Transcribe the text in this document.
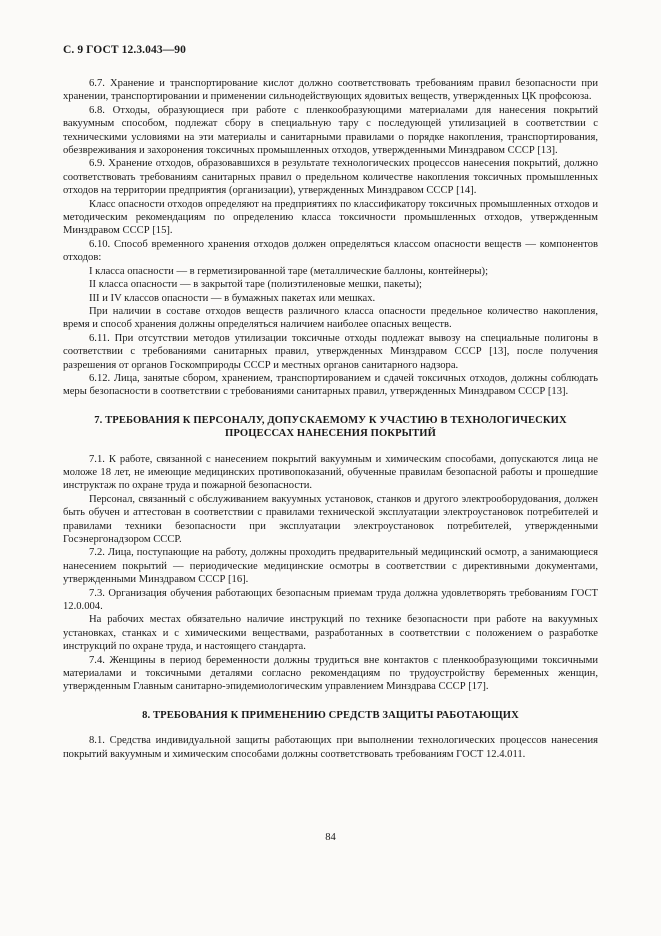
С. 9 ГОСТ 12.3.043—90

6.7. Хранение и транспортирование кислот должно соответствовать требованиям правил безопасности при хранении, транспортировании и применении сильнодействующих ядовитых веществ, утвержденных ЦК профсоюза.

6.8. Отходы, образующиеся при работе с пленкообразующими материалами для нанесения покрытий вакуумным способом, подлежат сбору в специальную тару с последующей утилизацией в соответствии с техническими условиями на эти материалы и санитарными правилами о порядке накопления, транспортирования, обезвреживания и захоронения токсичных промышленных отходов, утвержденными Минздравом СССР [13].

6.9. Хранение отходов, образовавшихся в результате технологических процессов нанесения покрытий, должно соответствовать требованиям санитарных правил о предельном количестве накопления токсичных промышленных отходов на территории предприятия (организации), утвержденных Минздравом СССР [14].

Класс опасности отходов определяют на предприятиях по классификатору токсичных промышленных отходов и методическим рекомендациям по определению класса токсичности промышленных отходов, утвержденным Минздравом СССР [15].

6.10. Способ временного хранения отходов должен определяться классом опасности веществ — компонентов отходов:

I класса опасности — в герметизированной таре (металлические баллоны, контейнеры);

II класса опасности — в закрытой таре (полиэтиленовые мешки, пакеты);

III и IV классов опасности — в бумажных пакетах или мешках.

При наличии в составе отходов веществ различного класса опасности предельное количество накопления, время и способ хранения должны определяться наличием наиболее опасных веществ.

6.11. При отсутствии методов утилизации токсичные отходы подлежат вывозу на специальные полигоны в соответствии с требованиями санитарных правил, утвержденных Минздравом СССР [13], после получения разрешения от органов Госкомприроды СССР и местных органов санитарного надзора.

6.12. Лица, занятые сбором, хранением, транспортированием и сдачей токсичных отходов, должны соблюдать меры безопасности в соответствии с требованиями санитарных правил, утвержденных Минздравом СССР [13].

7. ТРЕБОВАНИЯ К ПЕРСОНАЛУ, ДОПУСКАЕМОМУ К УЧАСТИЮ В ТЕХНОЛОГИЧЕСКИХ ПРОЦЕССАХ НАНЕСЕНИЯ ПОКРЫТИЙ

7.1. К работе, связанной с нанесением покрытий вакуумным и химическим способами, допускаются лица не моложе 18 лет, не имеющие медицинских противопоказаний, обученные правилам безопасной работы и прошедшие инструктаж по охране труда и пожарной безопасности.

Персонал, связанный с обслуживанием вакуумных установок, станков и другого электрооборудования, должен быть обучен и аттестован в соответствии с правилами технической эксплуатации электроустановок потребителей и правилами техники безопасности при эксплуатации электроустановок потребителей, утвержденными Госэнергонадзором СССР.

7.2. Лица, поступающие на работу, должны проходить предварительный медицинский осмотр, а занимающиеся нанесением покрытий — периодические медицинские осмотры в соответствии с директивными документами, утвержденными Минздравом СССР [16].

7.3. Организация обучения работающих безопасным приемам труда должна удовлетворять требованиям ГОСТ 12.0.004.

На рабочих местах обязательно наличие инструкций по технике безопасности при работе на вакуумных установках, станках и с химическими веществами, разработанных в соответствии с положением о разработке инструкций по охране труда, и настоящего стандарта.

7.4. Женщины в период беременности должны трудиться вне контактов с пленкообразующими токсичными материалами и токсичными деталями согласно рекомендациям по трудоустройству беременных женщин, утвержденным Главным санитарно-эпидемиологическим управлением Минздрава СССР [17].

8. ТРЕБОВАНИЯ К ПРИМЕНЕНИЮ СРЕДСТВ ЗАЩИТЫ РАБОТАЮЩИХ

8.1. Средства индивидуальной защиты работающих при выполнении технологических процессов нанесения покрытий вакуумным и химическим способами должны соответствовать требованиям ГОСТ 12.4.011.

84
